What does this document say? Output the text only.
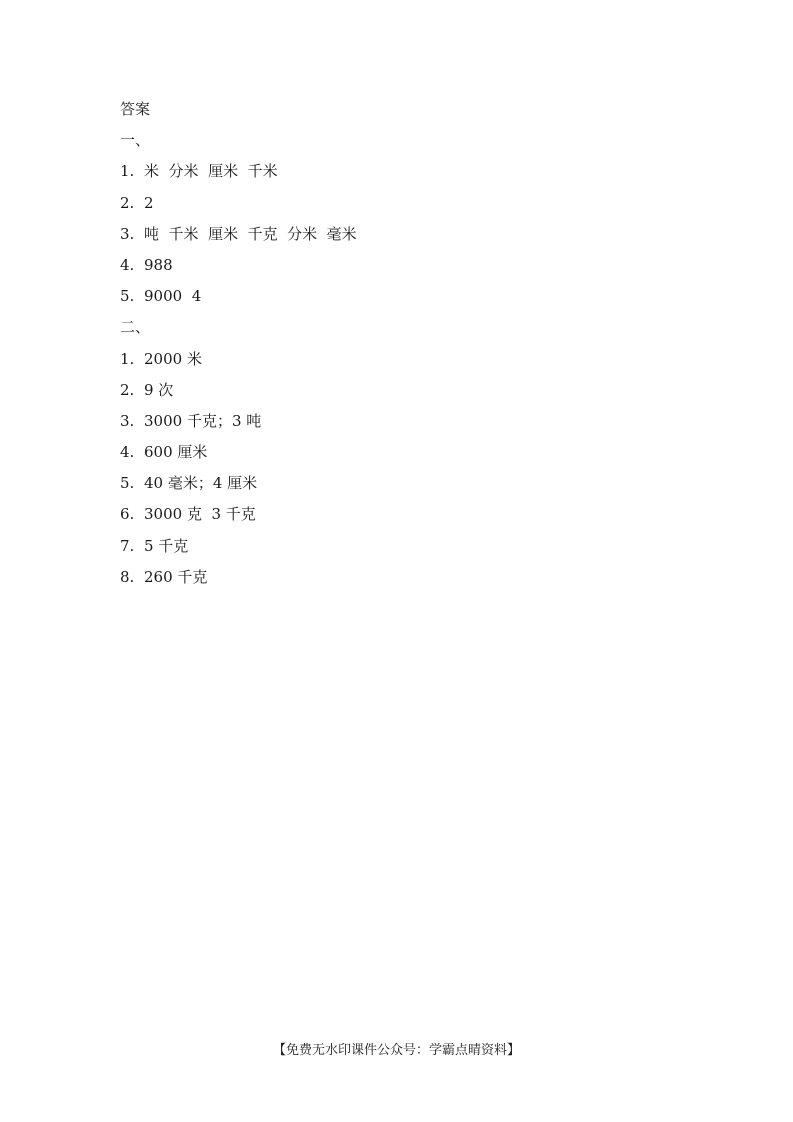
答案
一、
1. 米  分米  厘米  千米
2. 2
3. 吨  千米  厘米  千克  分米  毫米
4. 988
5. 9000  4
二、
1. 2000 米
2. 9 次
3. 3000 千克；3 吨
4. 600 厘米
5. 40 毫米；4 厘米
6. 3000 克  3 千克
7. 5 千克
8. 260 千克
【免费无水印课件公众号：学霸点晴资料】
